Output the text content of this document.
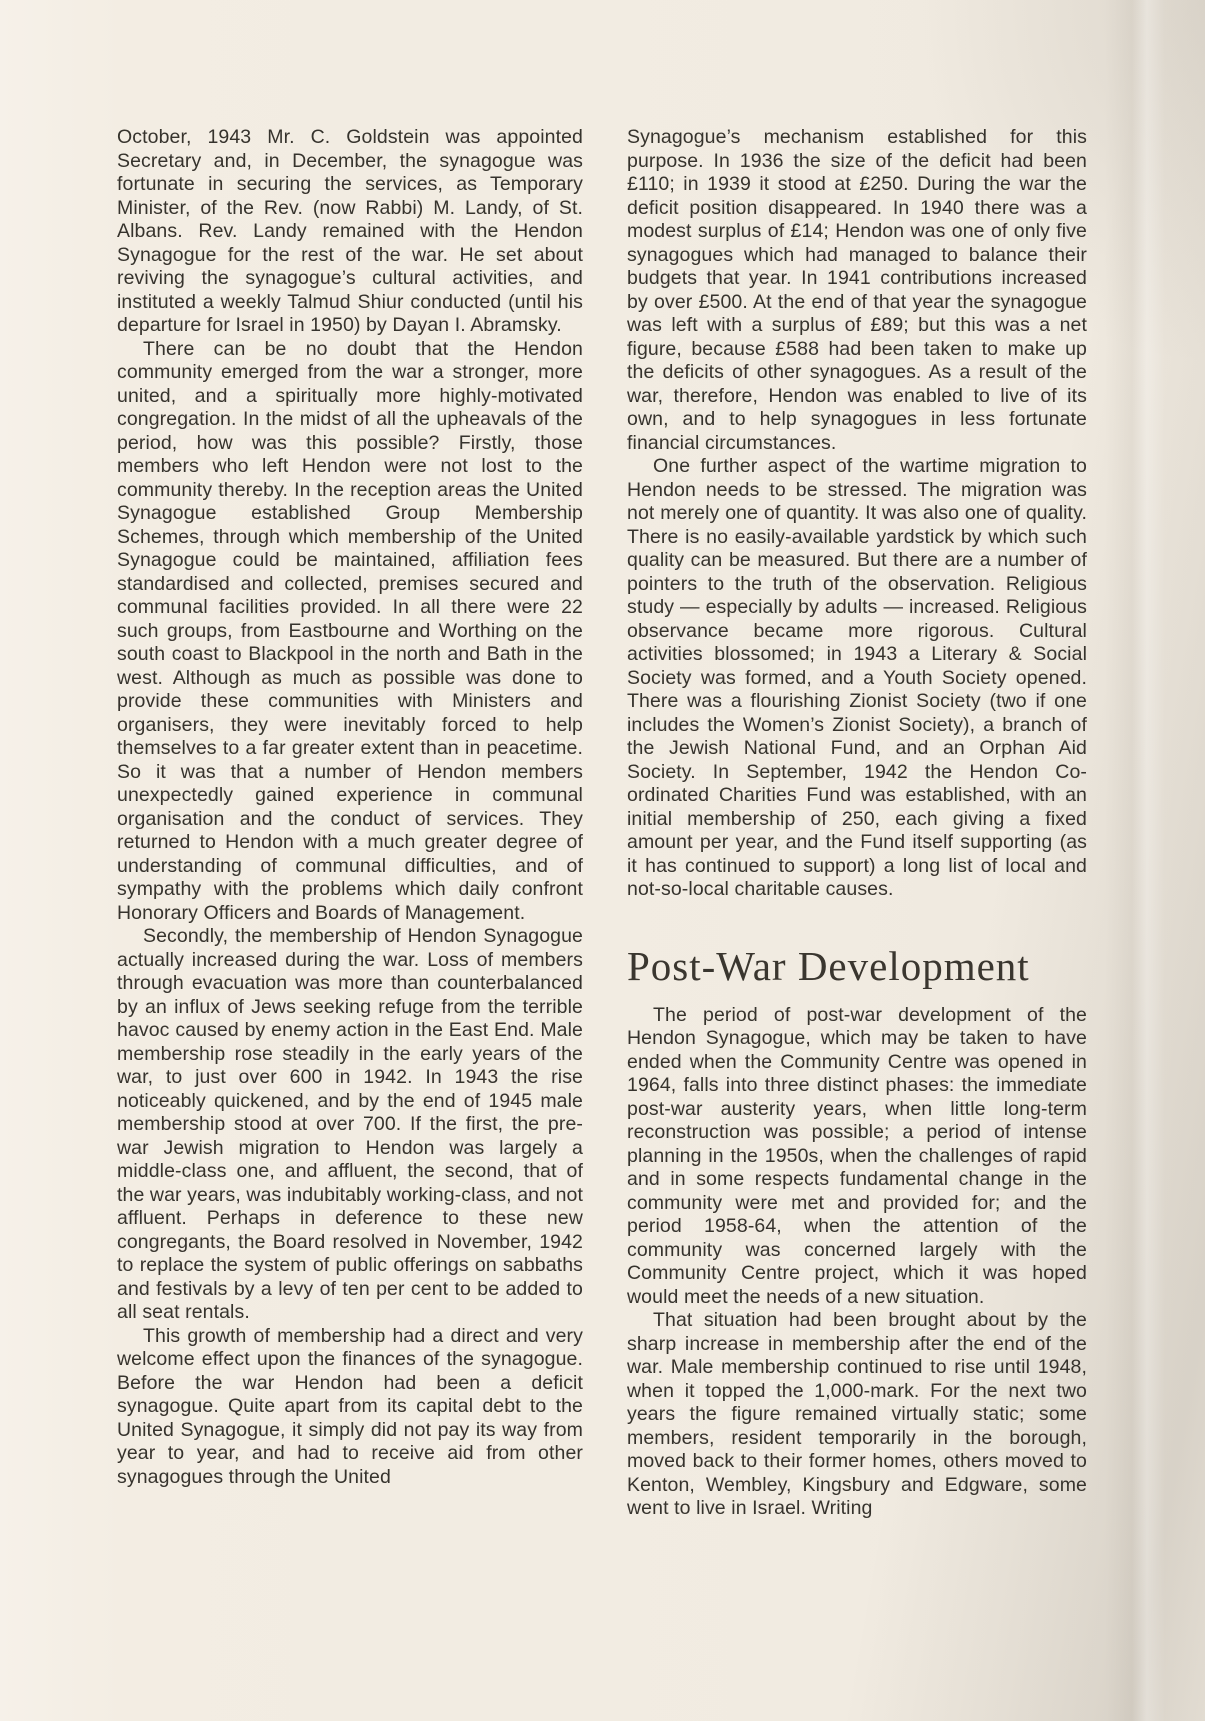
October, 1943 Mr. C. Goldstein was appointed Secretary and, in December, the synagogue was fortunate in securing the services, as Temporary Minister, of the Rev. (now Rabbi) M. Landy, of St. Albans. Rev. Landy remained with the Hendon Synagogue for the rest of the war. He set about reviving the synagogue’s cultural activities, and instituted a weekly Talmud Shiur conducted (until his departure for Israel in 1950) by Dayan I. Abramsky.

There can be no doubt that the Hendon community emerged from the war a stronger, more united, and a spiritually more highly-motivated congregation. In the midst of all the upheavals of the period, how was this possible? Firstly, those members who left Hendon were not lost to the community thereby. In the reception areas the United Synagogue established Group Membership Schemes, through which membership of the United Synagogue could be maintained, affiliation fees standardised and collected, premises secured and communal facilities provided. In all there were 22 such groups, from Eastbourne and Worthing on the south coast to Blackpool in the north and Bath in the west. Although as much as possible was done to provide these communities with Ministers and organisers, they were inevitably forced to help themselves to a far greater extent than in peacetime. So it was that a number of Hendon members unexpectedly gained experience in communal organisation and the conduct of services. They returned to Hendon with a much greater degree of understanding of communal difficulties, and of sympathy with the problems which daily confront Honorary Officers and Boards of Management.

Secondly, the membership of Hendon Synagogue actually increased during the war. Loss of members through evacuation was more than counterbalanced by an influx of Jews seeking refuge from the terrible havoc caused by enemy action in the East End. Male membership rose steadily in the early years of the war, to just over 600 in 1942. In 1943 the rise noticeably quickened, and by the end of 1945 male membership stood at over 700. If the first, the pre-war Jewish migration to Hendon was largely a middle-class one, and affluent, the second, that of the war years, was indubitably working-class, and not affluent. Perhaps in deference to these new congregants, the Board resolved in November, 1942 to replace the system of public offerings on sabbaths and festivals by a levy of ten per cent to be added to all seat rentals.

This growth of membership had a direct and very welcome effect upon the finances of the synagogue. Before the war Hendon had been a deficit synagogue. Quite apart from its capital debt to the United Synagogue, it simply did not pay its way from year to year, and had to receive aid from other synagogues through the United

Synagogue’s mechanism established for this purpose. In 1936 the size of the deficit had been £110; in 1939 it stood at £250. During the war the deficit position disappeared. In 1940 there was a modest surplus of £14; Hendon was one of only five synagogues which had managed to balance their budgets that year. In 1941 contributions increased by over £500. At the end of that year the synagogue was left with a surplus of £89; but this was a net figure, because £588 had been taken to make up the deficits of other synagogues. As a result of the war, therefore, Hendon was enabled to live of its own, and to help synagogues in less fortunate financial circumstances.

One further aspect of the wartime migration to Hendon needs to be stressed. The migration was not merely one of quantity. It was also one of quality. There is no easily-available yardstick by which such quality can be measured. But there are a number of pointers to the truth of the observation. Religious study — especially by adults — increased. Religious observance became more rigorous. Cultural activities blossomed; in 1943 a Literary & Social Society was formed, and a Youth Society opened. There was a flourishing Zionist Society (two if one includes the Women’s Zionist Society), a branch of the Jewish National Fund, and an Orphan Aid Society. In September, 1942 the Hendon Co-ordinated Charities Fund was established, with an initial membership of 250, each giving a fixed amount per year, and the Fund itself supporting (as it has continued to support) a long list of local and not-so-local charitable causes.

Post-War Development

The period of post-war development of the Hendon Synagogue, which may be taken to have ended when the Community Centre was opened in 1964, falls into three distinct phases: the immediate post-war austerity years, when little long-term reconstruction was possible; a period of intense planning in the 1950s, when the challenges of rapid and in some respects fundamental change in the community were met and provided for; and the period 1958-64, when the attention of the community was concerned largely with the Community Centre project, which it was hoped would meet the needs of a new situation.

That situation had been brought about by the sharp increase in membership after the end of the war. Male membership continued to rise until 1948, when it topped the 1,000-mark. For the next two years the figure remained virtually static; some members, resident temporarily in the borough, moved back to their former homes, others moved to Kenton, Wembley, Kingsbury and Edgware, some went to live in Israel. Writing
